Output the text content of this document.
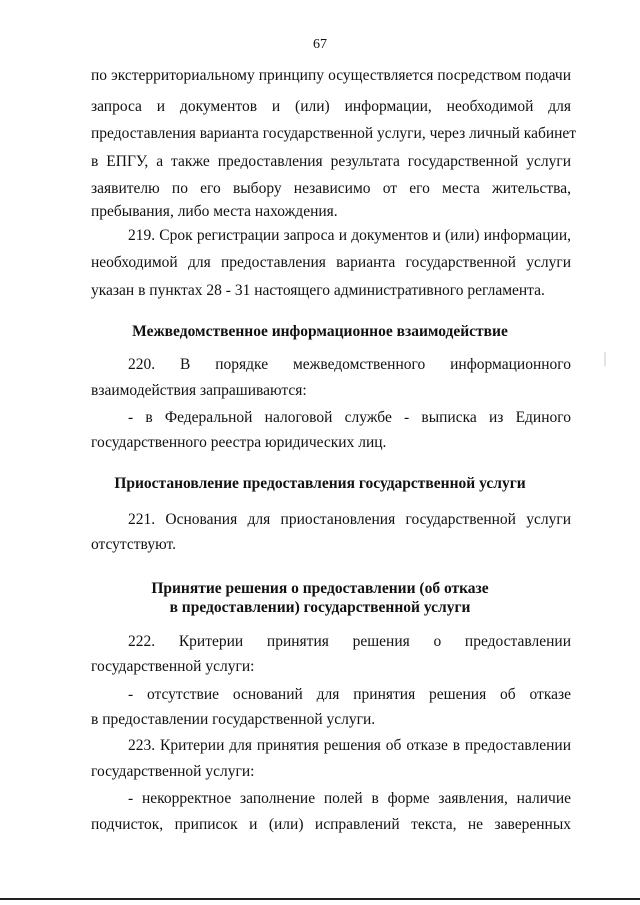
67
по экстерриториальному принципу осуществляется посредством подачи
запроса и документов и (или) информации, необходимой для
предоставления варианта государственной услуги, через личный кабинет
в ЕПГУ, а также предоставления результата государственной услуги
заявителю по его выбору независимо от его места жительства,
пребывания, либо места нахождения.
219. Срок регистрации запроса и документов и (или) информации,
необходимой для предоставления варианта государственной услуги
указан в пунктах 28 - 31 настоящего административного регламента.
Межведомственное информационное взаимодействие
220. В порядке межведомственного информационного
взаимодействия запрашиваются:
- в Федеральной налоговой службе - выписка из Единого
государственного реестра юридических лиц.
Приостановление предоставления государственной услуги
221. Основания для приостановления государственной услуги
отсутствуют.
Принятие решения о предоставлении (об отказе
в предоставлении) государственной услуги
222. Критерии принятия решения о предоставлении
государственной услуги:
- отсутствие оснований для принятия решения об отказе
в предоставлении государственной услуги.
223. Критерии для принятия решения об отказе в предоставлении
государственной услуги:
- некорректное заполнение полей в форме заявления, наличие
подчисток, приписок и (или) исправлений текста, не заверенных
